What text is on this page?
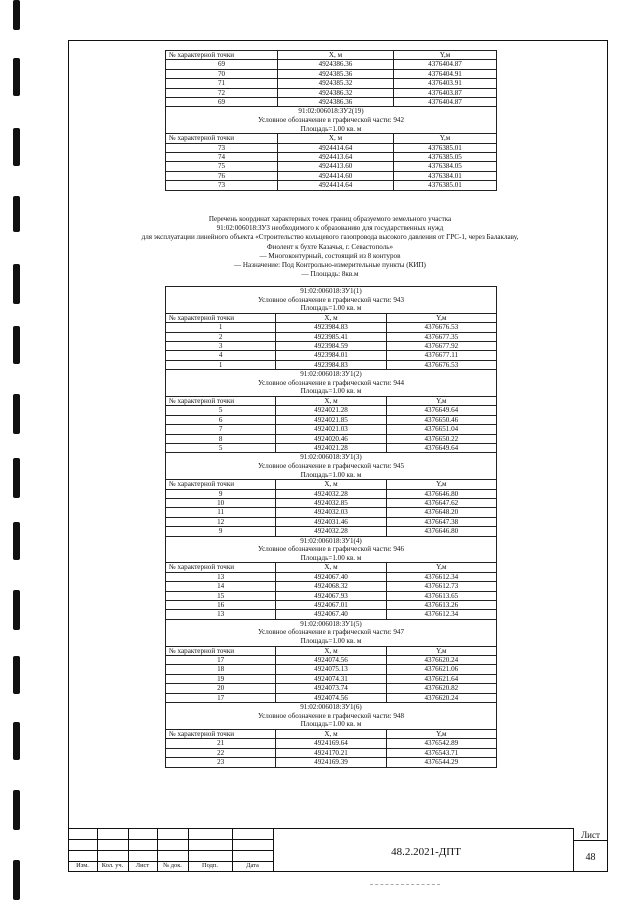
№ характерной точки	X, м	Y,м
69	4924386.36	4376404.87
70	4924385.36	4376404.91
71	4924385.32	4376403.91
72	4924386.32	4376403.87
69	4924386.36	4376404.87

91:02:006018:ЗУ2(19)
Условное обозначение в графической части: 942
Площадь=1.00 кв. м		

№ характерной точки	X, м	Y,м
73	4924414.64	4376385.01
74	4924413.64	4376385.05
75	4924413.60	4376384.05
76	4924414.60	4376384.01
73	4924414.64	4376385.01
Перечень координат характерных точек границ образуемого земельного участка
91:02:006018:ЗУ3 необходимого к образованию для государственных нужд
для эксплуатации линейного объекта «Строительство кольцевого газопровода высокого давления от ГРС-1, через Балаклаву,
Фиолент к бухте Казачья, г. Севастополь»
— Многоконтурный, состоящий из 8 контуров
— Назначение: Под Контрольно-измерительные пункты (КИП)
— Площадь: 8кв.м
91:02:006018:ЗУ1(1)
Условное обозначение в графической части: 943
Площадь=1.00 кв. м		

№ характерной точки	X, м	Y,м
1	4923984.83	4376676.53
2	4923985.41	4376677.35
3	4923984.59	4376677.92
4	4923984.01	4376677.11
1	4923984.83	4376676.53

91:02:006018:ЗУ1(2)
Условное обозначение в графической части: 944
Площадь=1.00 кв. м		

№ характерной точки	X, м	Y,м
5	4924021.28	4376649.64
6	4924021.85	4376650.46
7	4924021.03	4376651.04
8	4924020.46	4376650.22
5	4924021.28	4376649.64

91:02:006018:ЗУ1(3)
Условное обозначение в графической части: 945
Площадь=1.00 кв. м		

№ характерной точки	X, м	Y,м
9	4924032.28	4376646.80
10	4924032.85	4376647.62
11	4924032.03	4376648.20
12	4924031.46	4376647.38
9	4924032.28	4376646.80

91:02:006018:ЗУ1(4)
Условное обозначение в графической части: 946
Площадь=1.00 кв. м		

№ характерной точки	X, м	Y,м
13	4924067.40	4376612.34
14	4924068.32	4376612.73
15	4924067.93	4376613.65
16	4924067.01	4376613.26
13	4924067.40	4376612.34

91:02:006018:ЗУ1(5)
Условное обозначение в графической части: 947
Площадь=1.00 кв. м		

№ характерной точки	X, м	Y,м
17	4924074.56	4376620.24
18	4924075.13	4376621.06
19	4924074.31	4376621.64
20	4924073.74	4376620.82
17	4924074.56	4376620.24

91:02:006018:ЗУ1(6)
Условное обозначение в графической части: 948
Площадь=1.00 кв. м		

№ характерной точки	X, м	Y,м
21	4924169.64	4376542.89
22	4924170.21	4376543.71
23	4924169.39	4376544.29
Изм.	Кол. уч.	Лист	№ док.	Подп.	Дата
48.2.2021-ДПТ
Лист
48
